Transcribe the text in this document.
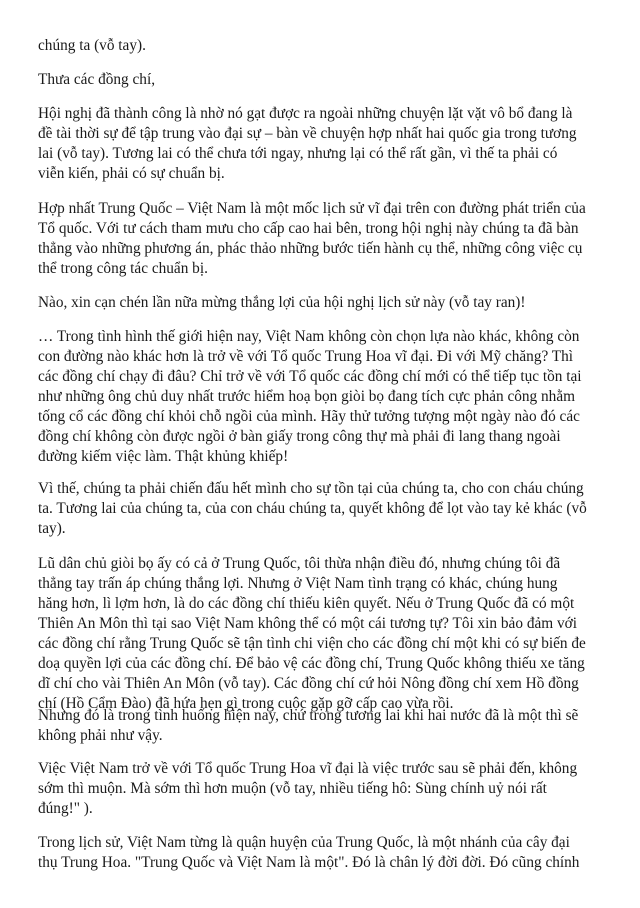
chúng ta (vỗ tay).

Thưa các đồng chí,

Hội nghị đã thành công là nhờ nó gạt được ra ngoài những chuyện lặt vặt vô bổ đang là
đề tài thời sự để tập trung vào đại sự – bàn về chuyện hợp nhất hai quốc gia trong tương
lai (vỗ tay). Tương lai có thể chưa tới ngay, nhưng lại có thể rất gần, vì thế ta phải có
viễn kiến, phải có sự chuẩn bị.

Hợp nhất Trung Quốc – Việt Nam là một mốc lịch sử vĩ đại trên con đường phát triển của
Tổ quốc. Với tư cách tham mưu cho cấp cao hai bên, trong hội nghị này chúng ta đã bàn
thẳng vào những phương án, phác thảo những bước tiến hành cụ thể, những công việc cụ
thể trong công tác chuẩn bị.

Nào, xin cạn chén lần nữa mừng thắng lợi của hội nghị lịch sử này (vỗ tay ran)!

… Trong tình hình thế giới hiện nay, Việt Nam không còn chọn lựa nào khác, không còn
con đường nào khác hơn là trở về với Tổ quốc Trung Hoa vĩ đại. Đi với Mỹ chăng? Thì
các đồng chí chạy đi đâu? Chỉ trở về với Tổ quốc các đồng chí mới có thể tiếp tục tồn tại
như những ông chủ duy nhất trước hiểm hoạ bọn giòi bọ đang tích cực phản công nhằm
tống cổ các đồng chí khỏi chỗ ngồi của mình. Hãy thử tưởng tượng một ngày nào đó các
đồng chí không còn được ngồi ở bàn giấy trong công thự mà phải đi lang thang ngoài
đường kiếm việc làm. Thật khủng khiếp!

Vì thế, chúng ta phải chiến đấu hết mình cho sự tồn tại của chúng ta, cho con cháu chúng
ta. Tương lai của chúng ta, của con cháu chúng ta, quyết không để lọt vào tay kẻ khác (vỗ
tay).

Lũ dân chủ giòi bọ ấy có cả ở Trung Quốc, tôi thừa nhận điều đó, nhưng chúng tôi đã
thẳng tay trấn áp chúng thắng lợi. Nhưng ở Việt Nam tình trạng có khác, chúng hung
hăng hơn, lì lợm hơn, là do các đồng chí thiếu kiên quyết. Nếu ở Trung Quốc đã có một
Thiên An Môn thì tại sao Việt Nam không thể có một cái tương tự? Tôi xin bảo đảm với
các đồng chí rằng Trung Quốc sẽ tận tình chi viện cho các đồng chí một khi có sự biến đe
doạ quyền lợi của các đồng chí. Để bảo vệ các đồng chí, Trung Quốc không thiếu xe tăng
dĩ chí cho vài Thiên An Môn (vỗ tay). Các đồng chí cứ hỏi Nông đồng chí xem Hồ đồng
chí (Hồ Cẩm Đào) đã hứa hẹn gì trong cuộc gặp gỡ cấp cao vừa rồi.

Nhưng đó là trong tình huống hiện nay, chứ trong tương lai khi hai nước đã là một thì sẽ
không phải như vậy.

Việc Việt Nam trở về với Tổ quốc Trung Hoa vĩ đại là việc trước sau sẽ phải đến, không
sớm thì muộn. Mà sớm thì hơn muộn (vỗ tay, nhiều tiếng hô: Sùng chính uỷ nói rất
đúng!" ).

Trong lịch sử, Việt Nam từng là quận huyện của Trung Quốc, là một nhánh của cây đại
thụ Trung Hoa. "Trung Quốc và Việt Nam là một". Đó là chân lý đời đời. Đó cũng chính
